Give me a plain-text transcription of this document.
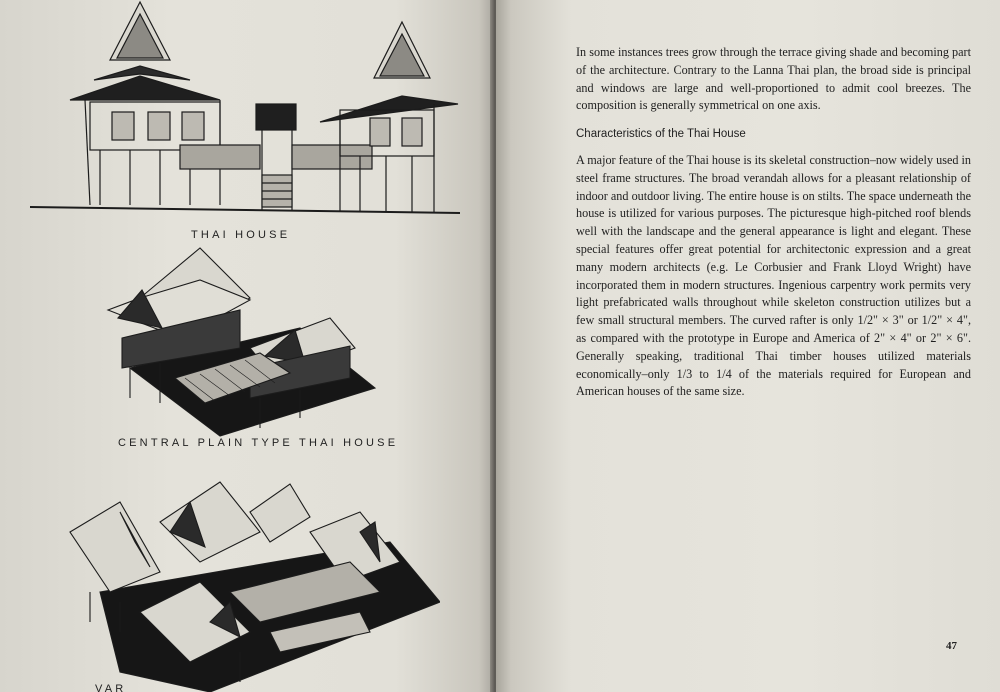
THAI HOUSE
CENTRAL PLAIN TYPE THAI HOUSE
VAR
In some instances trees grow through the terrace giving shade and becoming part of the architecture. Contrary to the Lanna Thai plan, the broad side is principal and windows are large and well-proportioned to admit cool breezes. The composition is generally symmetrical on one axis.
Characteristics of the Thai House
A major feature of the Thai house is its skeletal construction–now widely used in steel frame structures. The broad verandah allows for a pleasant relationship of indoor and outdoor living. The entire house is on stilts. The space underneath the house is utilized for various purposes. The picturesque high-pitched roof blends well with the landscape and the general appearance is light and elegant. These special features offer great potential for architectonic expression and a great many modern architects (e.g. Le Corbusier and Frank Lloyd Wright) have incorporated them in modern structures. Ingenious carpentry work permits very light prefabricated walls throughout while skeleton construction utilizes but a few small structural members. The curved rafter is only 1/2" × 3" or 1/2" × 4", as compared with the prototype in Europe and America of 2" × 4" or 2" × 6". Generally speaking, traditional Thai timber houses utilized materials economically–only 1/3 to 1/4 of the materials required for European and American houses of the same size.
47
